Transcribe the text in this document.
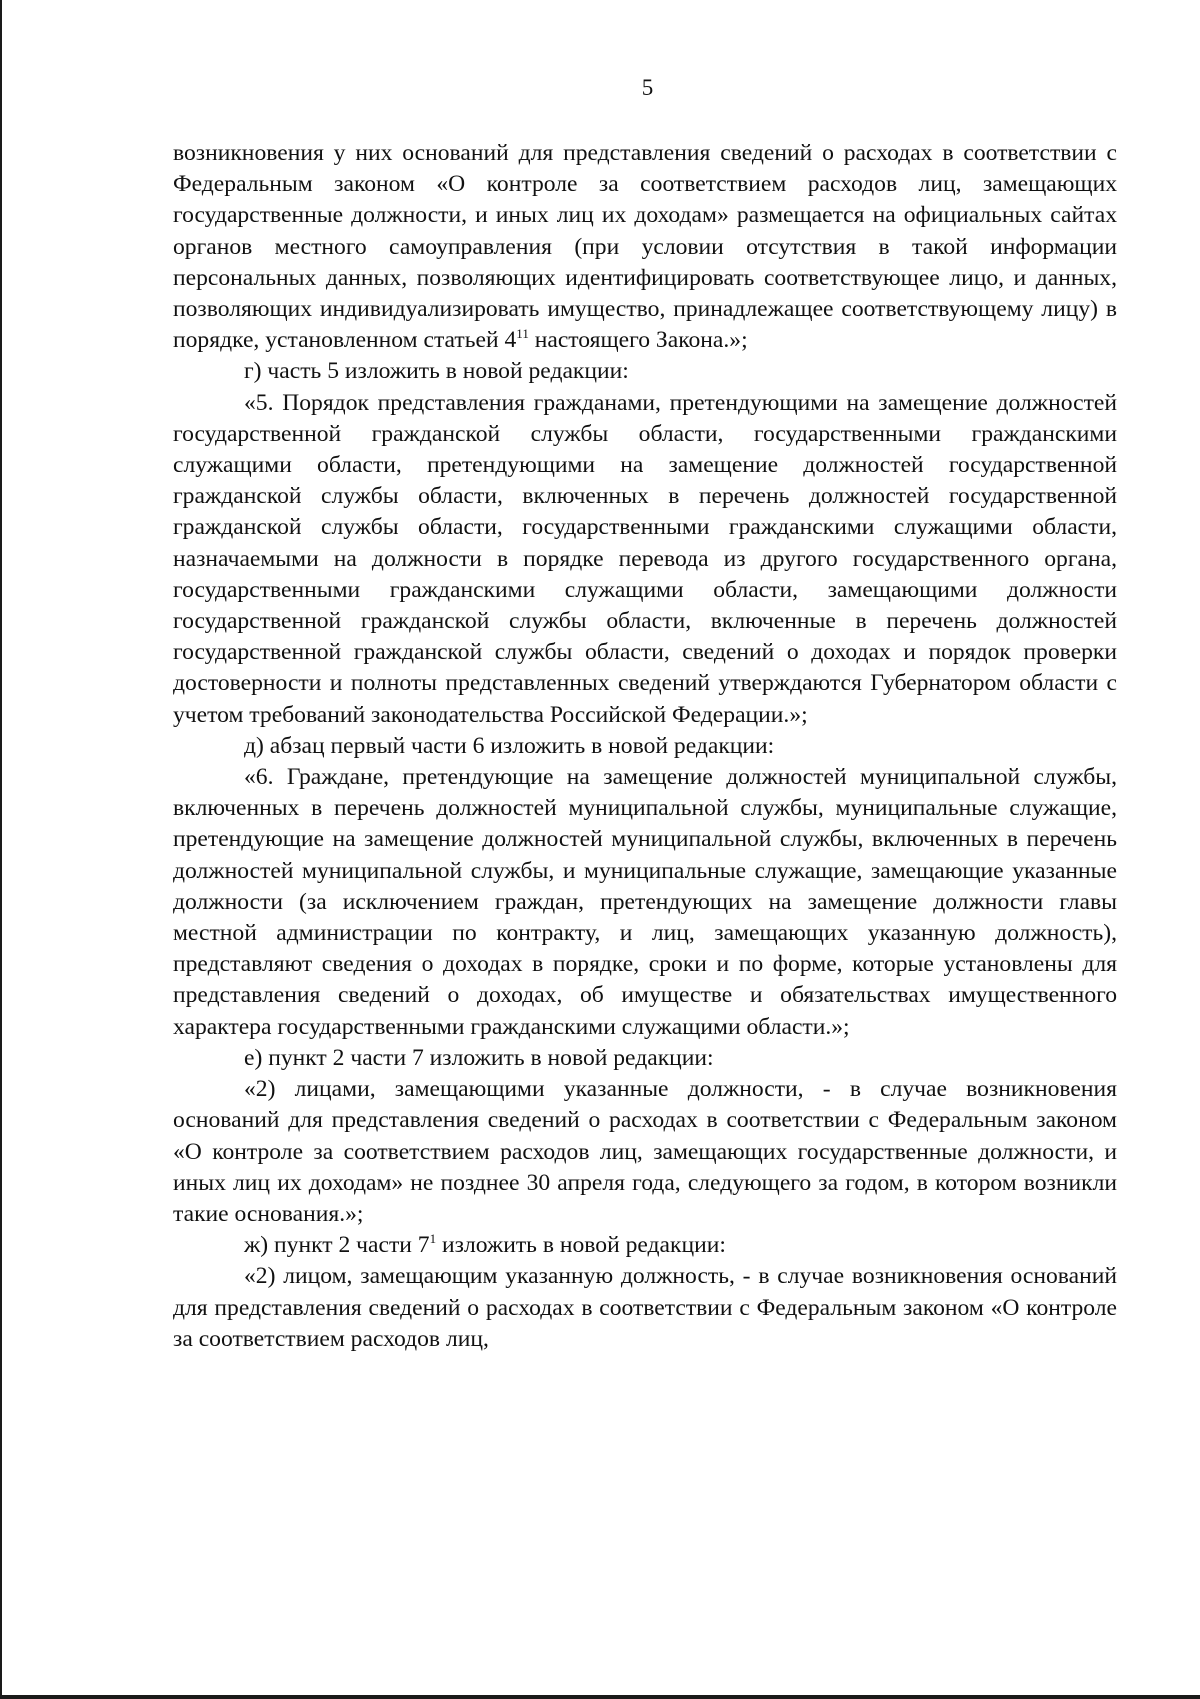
5

возникновения у них оснований для представления сведений о расходах в соответствии с Федеральным законом «О контроле за соответствием расходов лиц, замещающих государственные должности, и иных лиц их доходам» размещается на официальных сайтах органов местного самоуправления (при условии отсутствия в такой информации персональных данных, позволяющих идентифицировать соответствующее лицо, и данных, позволяющих индивидуализировать имущество, принадлежащее соответствующему лицу) в порядке, установленном статьей $4^{11}$ настоящего Закона.»;

г) часть 5 изложить в новой редакции:

«5. Порядок представления гражданами, претендующими на замещение должностей государственной гражданской службы области, государственными гражданскими служащими области, претендующими на замещение должностей государственной гражданской службы области, включенных в перечень должностей государственной гражданской службы области, государственными гражданскими служащими области, назначаемыми на должности в порядке перевода из другого государственного органа, государственными гражданскими служащими области, замещающими должности государственной гражданской службы области, включенные в перечень должностей государственной гражданской службы области, сведений о доходах и порядок проверки достоверности и полноты представленных сведений утверждаются Губернатором области с учетом требований законодательства Российской Федерации.»;

д) абзац первый части 6 изложить в новой редакции:

«6. Граждане, претендующие на замещение должностей муниципальной службы, включенных в перечень должностей муниципальной службы, муниципальные служащие, претендующие на замещение должностей муниципальной службы, включенных в перечень должностей муниципальной службы, и муниципальные служащие, замещающие указанные должности (за исключением граждан, претендующих на замещение должности главы местной администрации по контракту, и лиц, замещающих указанную должность), представляют сведения о доходах в порядке, сроки и по форме, которые установлены для представления сведений о доходах, об имуществе и обязательствах имущественного характера государственными гражданскими служащими области.»;

е) пункт 2 части 7 изложить в новой редакции:

«2) лицами, замещающими указанные должности, - в случае возникновения оснований для представления сведений о расходах в соответствии с Федеральным законом «О контроле за соответствием расходов лиц, замещающих государственные должности, и иных лиц их доходам» не позднее 30 апреля года, следующего за годом, в котором возникли такие основания.»;

ж) пункт 2 части $7^1$ изложить в новой редакции:

«2) лицом, замещающим указанную должность, - в случае возникновения оснований для представления сведений о расходах в соответствии с Федеральным законом «О контроле за соответствием расходов лиц,
